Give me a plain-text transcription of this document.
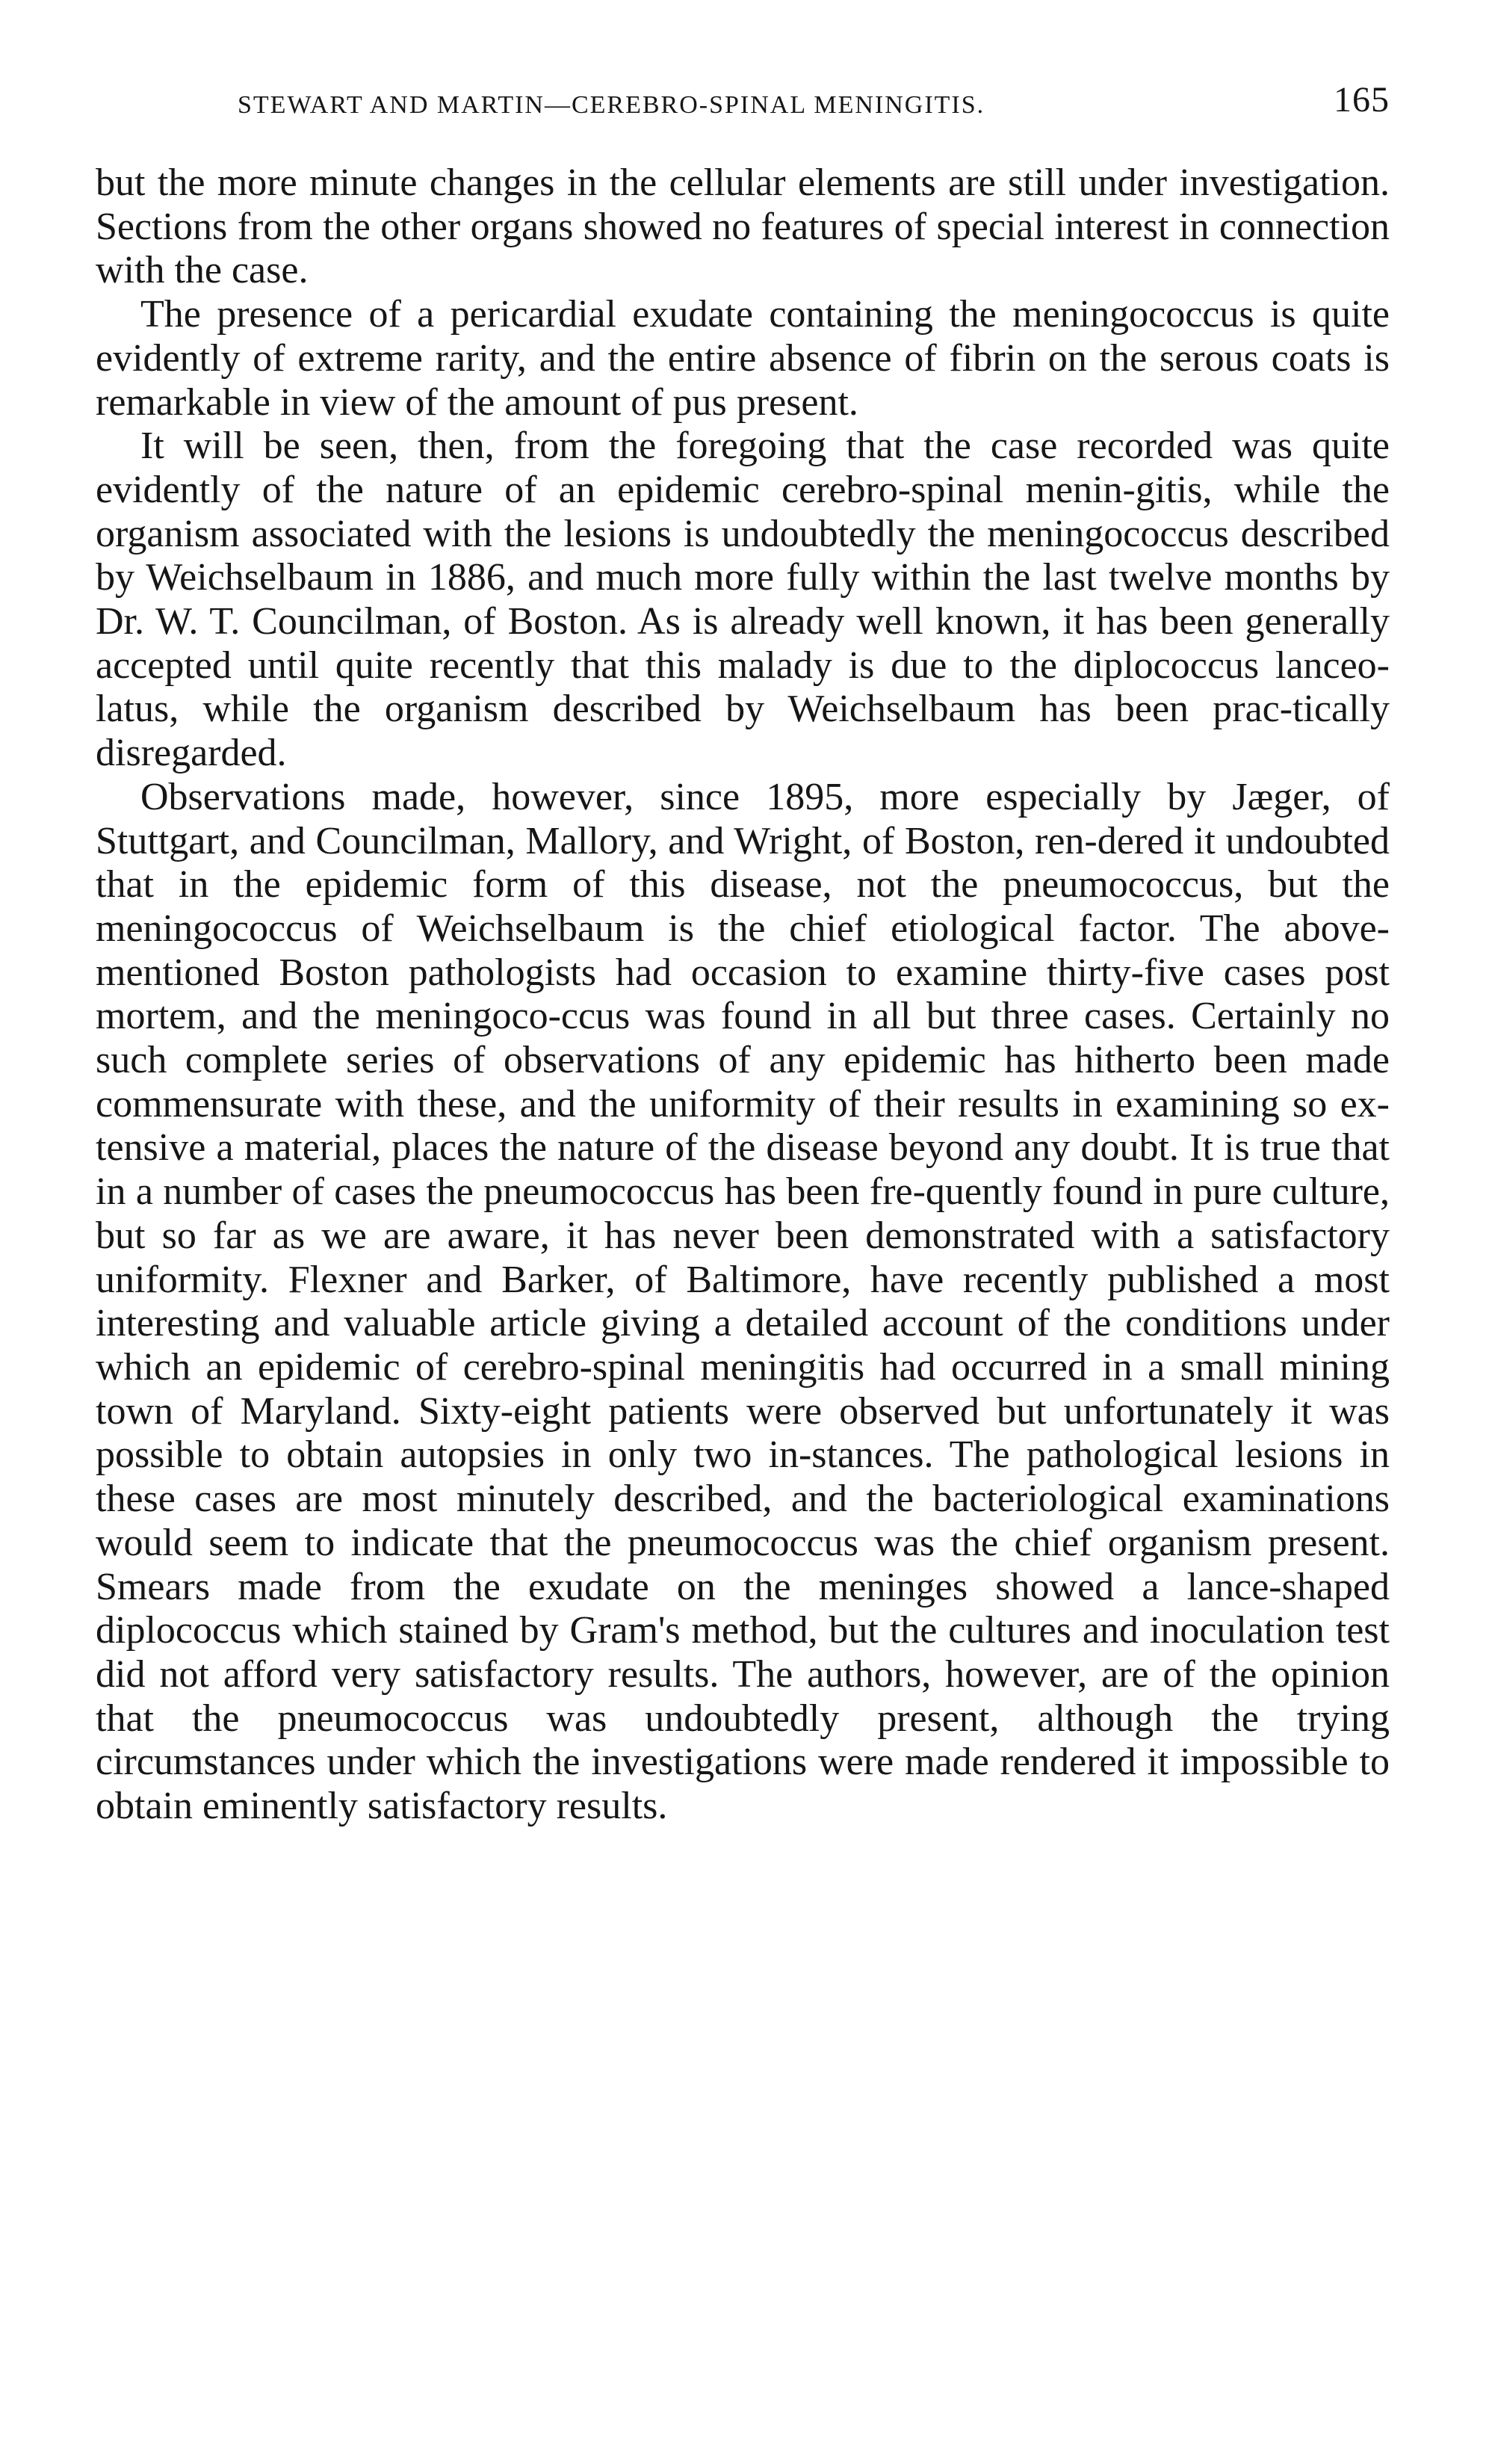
STEWART AND MARTIN—CEREBRO-SPINAL MENINGITIS.	165

but the more minute changes in the cellular elements are still under investigation. Sections from the other organs showed no features of special interest in connection with the case.

The presence of a pericardial exudate containing the meningococcus is quite evidently of extreme rarity, and the entire absence of fibrin on the serous coats is remarkable in view of the amount of pus present.

It will be seen, then, from the foregoing that the case recorded was quite evidently of the nature of an epidemic cerebro-spinal menin-gitis, while the organism associated with the lesions is undoubtedly the meningococcus described by Weichselbaum in 1886, and much more fully within the last twelve months by Dr. W. T. Councilman, of Boston. As is already well known, it has been generally accepted until quite recently that this malady is due to the diplococcus lanceo-latus, while the organism described by Weichselbaum has been prac-tically disregarded.

Observations made, however, since 1895, more especially by Jæger, of Stuttgart, and Councilman, Mallory, and Wright, of Boston, ren-dered it undoubted that in the epidemic form of this disease, not the pneumococcus, but the meningococcus of Weichselbaum is the chief etiological factor. The above-mentioned Boston pathologists had occasion to examine thirty-five cases post mortem, and the meningoco-ccus was found in all but three cases. Certainly no such complete series of observations of any epidemic has hitherto been made commensurate with these, and the uniformity of their results in examining so ex-tensive a material, places the nature of the disease beyond any doubt. It is true that in a number of cases the pneumococcus has been fre-quently found in pure culture, but so far as we are aware, it has never been demonstrated with a satisfactory uniformity. Flexner and Barker, of Baltimore, have recently published a most interesting and valuable article giving a detailed account of the conditions under which an epidemic of cerebro-spinal meningitis had occurred in a small mining town of Maryland. Sixty-eight patients were observed but unfortunately it was possible to obtain autopsies in only two in-stances. The pathological lesions in these cases are most minutely described, and the bacteriological examinations would seem to indicate that the pneumococcus was the chief organism present. Smears made from the exudate on the meninges showed a lance-shaped diplococcus which stained by Gram's method, but the cultures and inoculation test did not afford very satisfactory results. The authors, however, are of the opinion that the pneumococcus was undoubtedly present, although the trying circumstances under which the investigations were made rendered it impossible to obtain eminently satisfactory results.
